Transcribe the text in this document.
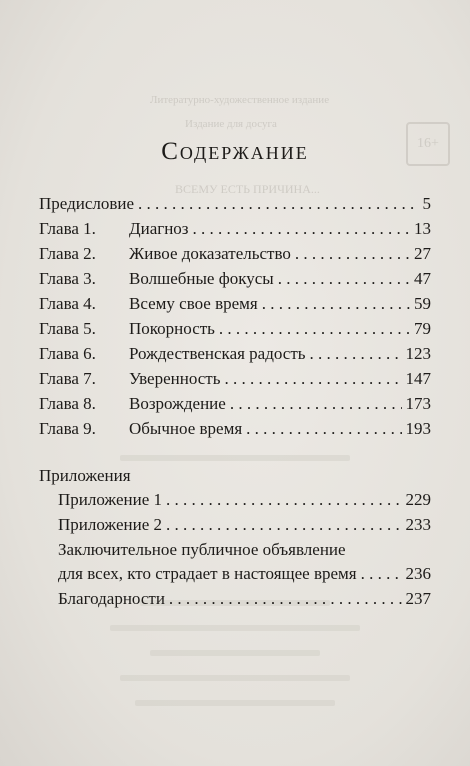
Литературно-художественное издание
Издание для досуга
ВСЕМУ ЕСТЬ ПРИЧИНА...
16+
Содержание
Предисловие . . .	5
Глава 1.	Диагноз . . .	13
Глава 2.	Живое доказательство . . .	27
Глава 3.	Волшебные фокусы . . .	47
Глава 4.	Всему свое время . . .	59
Глава 5.	Покорность . . .	79
Глава 6.	Рождественская радость . . .	123
Глава 7.	Уверенность . . .	147
Глава 8.	Возрождение . . .	173
Глава 9.	Обычное время . . .	193
Приложения
Приложение 1 . . .	229
Приложение 2 . . .	233
Заключительное публичное объявление
для всех, кто страдает в настоящее время . . .	236
Благодарности . . .	237
